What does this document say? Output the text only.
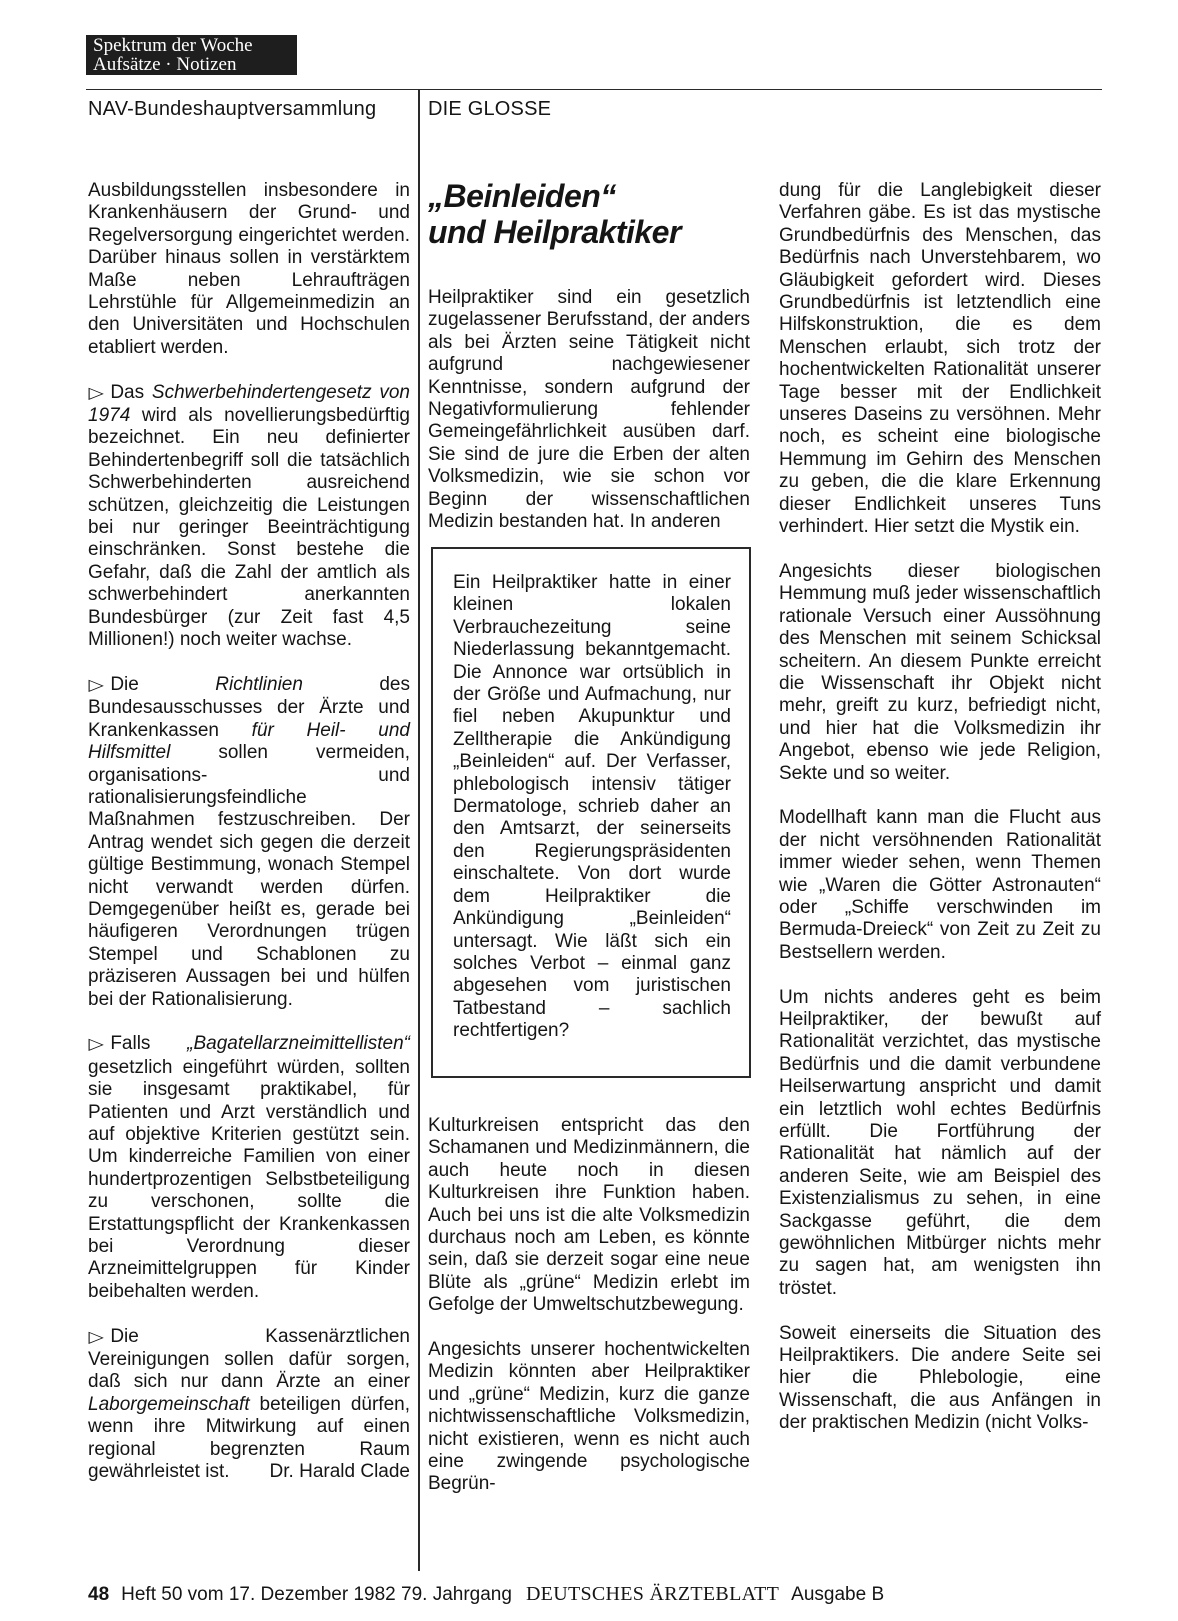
Spektrum der Woche
Aufsätze · Notizen
NAV-Bundeshauptversammlung	DIE GLOSSE

Ausbildungsstellen insbesondere in Krankenhäusern der Grund- und Regelversorgung eingerichtet werden. Darüber hinaus sollen in verstärktem Maße neben Lehraufträgen Lehrstühle für Allgemeinmedizin an den Universitäten und Hochschulen etabliert werden.

▷ Das Schwerbehindertengesetz von 1974 wird als novellierungsbedürftig bezeichnet. Ein neu definierter Behindertenbegriff soll die tatsächlich Schwerbehinderten ausreichend schützen, gleichzeitig die Leistungen bei nur geringer Beeinträchtigung einschränken. Sonst bestehe die Gefahr, daß die Zahl der amtlich als schwerbehindert anerkannten Bundesbürger (zur Zeit fast 4,5 Millionen!) noch weiter wachse.

▷ Die Richtlinien des Bundesausschusses der Ärzte und Krankenkassen für Heil- und Hilfsmittel sollen vermeiden, organisations- und rationalisierungsfeindliche Maßnahmen festzuschreiben. Der Antrag wendet sich gegen die derzeit gültige Bestimmung, wonach Stempel nicht verwandt werden dürfen. Demgegenüber heißt es, gerade bei häufigeren Verordnungen trügen Stempel und Schablonen zu präziseren Aussagen bei und hülfen bei der Rationalisierung.

▷ Falls „Bagatellarzneimittellisten“ gesetzlich eingeführt würden, sollten sie insgesamt praktikabel, für Patienten und Arzt verständlich und auf objektive Kriterien gestützt sein. Um kinderreiche Familien von einer hundertprozentigen Selbstbeteiligung zu verschonen, sollte die Erstattungspflicht der Krankenkassen bei Verordnung dieser Arzneimittelgruppen für Kinder beibehalten werden.

▷ Die Kassenärztlichen Vereinigungen sollen dafür sorgen, daß sich nur dann Ärzte an einer Laborgemeinschaft beteiligen dürfen, wenn ihre Mitwirkung auf einen regional begrenzten Raum gewährleistet ist. Dr. Harald Clade

„Beinleiden“
und Heilpraktiker

Heilpraktiker sind ein gesetzlich zugelassener Berufsstand, der anders als bei Ärzten seine Tätigkeit nicht aufgrund nachgewiesener Kenntnisse, sondern aufgrund der Negativformulierung fehlender Gemeingefährlichkeit ausüben darf. Sie sind de jure die Erben der alten Volksmedizin, wie sie schon vor Beginn der wissenschaftlichen Medizin bestanden hat. In anderen

Ein Heilpraktiker hatte in einer kleinen lokalen Verbrauchezeitung seine Niederlassung bekanntgemacht. Die Annonce war ortsüblich in der Größe und Aufmachung, nur fiel neben Akupunktur und Zelltherapie die Ankündigung „Beinleiden“ auf. Der Verfasser, phlebologisch intensiv tätiger Dermatologe, schrieb daher an den Amtsarzt, der seinerseits den Regierungspräsidenten einschaltete. Von dort wurde dem Heilpraktiker die Ankündigung „Beinleiden“ untersagt. Wie läßt sich ein solches Verbot – einmal ganz abgesehen vom juristischen Tatbestand – sachlich rechtfertigen?

Kulturkreisen entspricht das den Schamanen und Medizinmännern, die auch heute noch in diesen Kulturkreisen ihre Funktion haben. Auch bei uns ist die alte Volksmedizin durchaus noch am Leben, es könnte sein, daß sie derzeit sogar eine neue Blüte als „grüne“ Medizin erlebt im Gefolge der Umweltschutzbewegung.

Angesichts unserer hochentwickelten Medizin könnten aber Heilpraktiker und „grüne“ Medizin, kurz die ganze nichtwissenschaftliche Volksmedizin, nicht existieren, wenn es nicht auch eine zwingende psychologische Begrün-

dung für die Langlebigkeit dieser Verfahren gäbe. Es ist das mystische Grundbedürfnis des Menschen, das Bedürfnis nach Unverstehbarem, wo Gläubigkeit gefordert wird. Dieses Grundbedürfnis ist letztendlich eine Hilfskonstruktion, die es dem Menschen erlaubt, sich trotz der hochentwickelten Rationalität unserer Tage besser mit der Endlichkeit unseres Daseins zu versöhnen. Mehr noch, es scheint eine biologische Hemmung im Gehirn des Menschen zu geben, die die klare Erkennung dieser Endlichkeit unseres Tuns verhindert. Hier setzt die Mystik ein.

Angesichts dieser biologischen Hemmung muß jeder wissenschaftlich rationale Versuch einer Aussöhnung des Menschen mit seinem Schicksal scheitern. An diesem Punkte erreicht die Wissenschaft ihr Objekt nicht mehr, greift zu kurz, befriedigt nicht, und hier hat die Volksmedizin ihr Angebot, ebenso wie jede Religion, Sekte und so weiter.

Modellhaft kann man die Flucht aus der nicht versöhnenden Rationalität immer wieder sehen, wenn Themen wie „Waren die Götter Astronauten“ oder „Schiffe verschwinden im Bermuda-Dreieck“ von Zeit zu Zeit zu Bestsellern werden.

Um nichts anderes geht es beim Heilpraktiker, der bewußt auf Rationalität verzichtet, das mystische Bedürfnis und die damit verbundene Heilserwartung anspricht und damit ein letztlich wohl echtes Bedürfnis erfüllt. Die Fortführung der Rationalität hat nämlich auf der anderen Seite, wie am Beispiel des Existenzialismus zu sehen, in eine Sackgasse geführt, die dem gewöhnlichen Mitbürger nichts mehr zu sagen hat, am wenigsten ihn tröstet.

Soweit einerseits die Situation des Heilpraktikers. Die andere Seite sei hier die Phlebologie, eine Wissenschaft, die aus Anfängen in der praktischen Medizin (nicht Volks-

48 Heft 50 vom 17. Dezember 1982 79. Jahrgang DEUTSCHES ÄRZTEBLATT Ausgabe B
